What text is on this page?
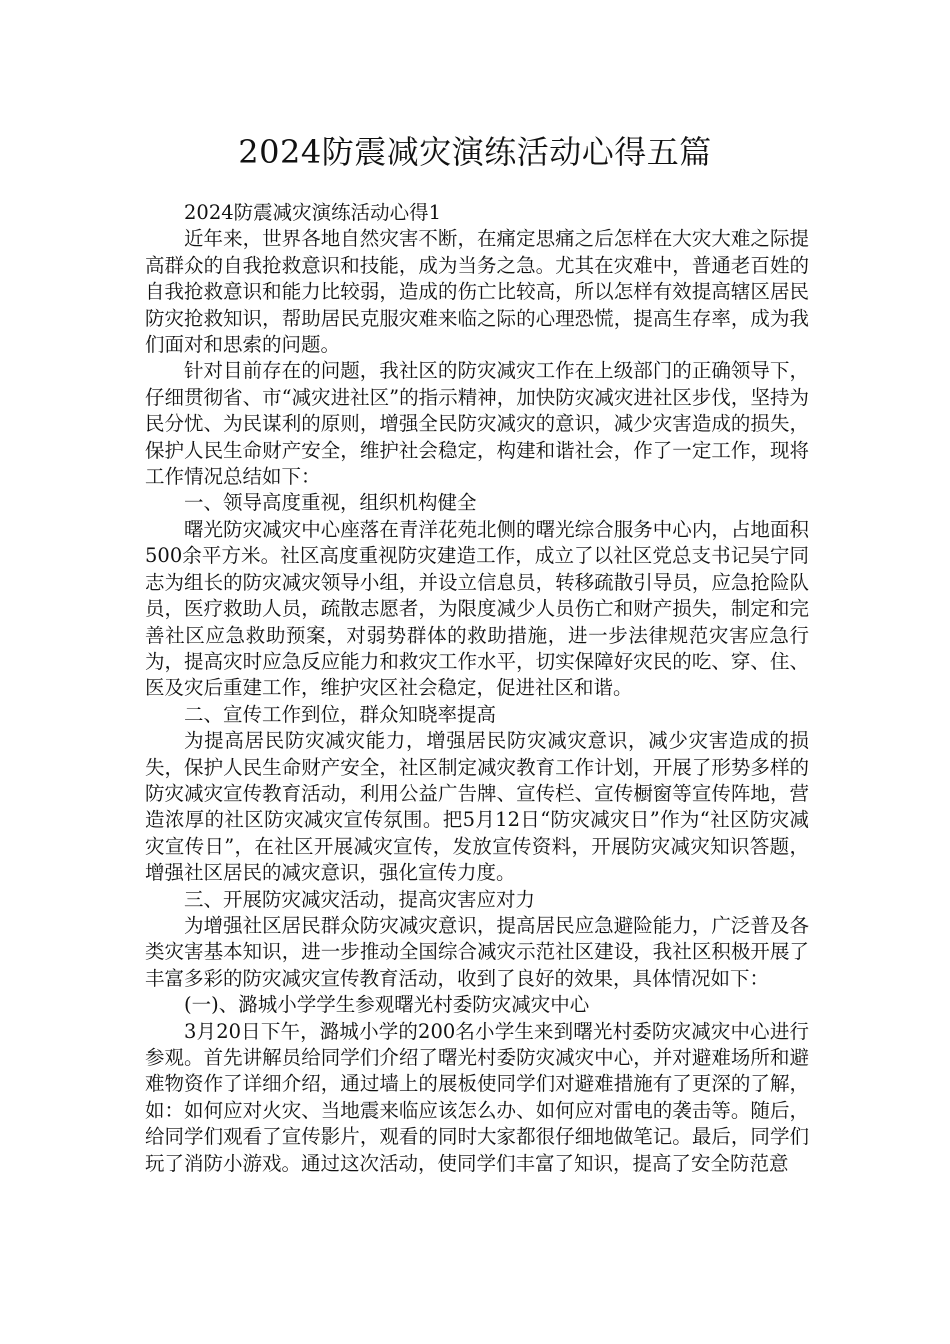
2024防震减灾演练活动心得五篇

2024防震减灾演练活动心得1

近年来，世界各地自然灾害不断，在痛定思痛之后怎样在大灾大难之际提高群众的自我抢救意识和技能，成为当务之急。尤其在灾难中，普通老百姓的自我抢救意识和能力比较弱，造成的伤亡比较高，所以怎样有效提高辖区居民防灾抢救知识，帮助居民克服灾难来临之际的心理恐慌，提高生存率，成为我们面对和思索的问题。

针对目前存在的问题，我社区的防灾减灾工作在上级部门的正确领导下，仔细贯彻省、市“减灾进社区”的指示精神，加快防灾减灾进社区步伐，坚持为民分忧、为民谋利的原则，增强全民防灾减灾的意识，减少灾害造成的损失，保护人民生命财产安全，维护社会稳定，构建和谐社会，作了一定工作，现将工作情况总结如下：

一、领导高度重视，组织机构健全

曙光防灾减灾中心座落在青洋花苑北侧的曙光综合服务中心内，占地面积500余平方米。社区高度重视防灾建造工作，成立了以社区党总支书记吴宁同志为组长的防灾减灾领导小组，并设立信息员，转移疏散引导员，应急抢险队员，医疗救助人员，疏散志愿者，为限度减少人员伤亡和财产损失，制定和完善社区应急救助预案，对弱势群体的救助措施，进一步法律规范灾害应急行为，提高灾时应急反应能力和救灾工作水平，切实保障好灾民的吃、穿、住、医及灾后重建工作，维护灾区社会稳定，促进社区和谐。

二、宣传工作到位，群众知晓率提高

为提高居民防灾减灾能力，增强居民防灾减灾意识，减少灾害造成的损失，保护人民生命财产安全，社区制定减灾教育工作计划，开展了形势多样的防灾减灾宣传教育活动，利用公益广告牌、宣传栏、宣传橱窗等宣传阵地，营造浓厚的社区防灾减灾宣传氛围。把5月12日“防灾减灾日”作为“社区防灾减灾宣传日”，在社区开展减灾宣传，发放宣传资料，开展防灾减灾知识答题，增强社区居民的减灾意识，强化宣传力度。

三、开展防灾减灾活动，提高灾害应对力

为增强社区居民群众防灾减灾意识，提高居民应急避险能力，广泛普及各类灾害基本知识，进一步推动全国综合减灾示范社区建设，我社区积极开展了丰富多彩的防灾减灾宣传教育活动，收到了良好的效果，具体情况如下：

(一)、潞城小学学生参观曙光村委防灾减灾中心

3月20日下午，潞城小学的200名小学生来到曙光村委防灾减灾中心进行参观。首先讲解员给同学们介绍了曙光村委防灾减灾中心，并对避难场所和避难物资作了详细介绍，通过墙上的展板使同学们对避难措施有了更深的了解，如：如何应对火灾、当地震来临应该怎么办、如何应对雷电的袭击等。随后，给同学们观看了宣传影片，观看的同时大家都很仔细地做笔记。最后，同学们玩了消防小游戏。通过这次活动，使同学们丰富了知识，提高了安全防范意
